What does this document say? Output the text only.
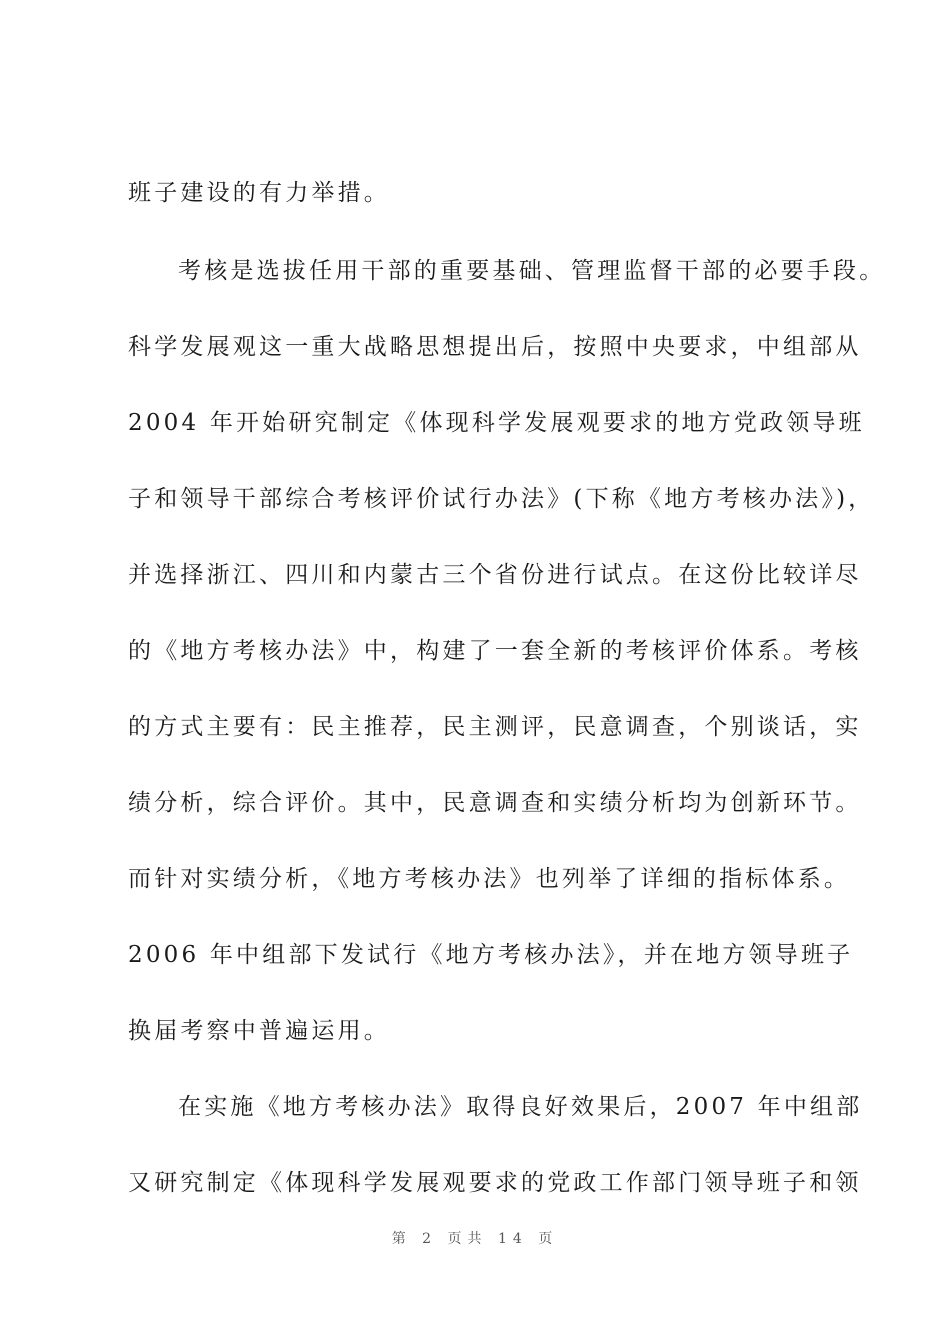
班子建设的有力举措。
考核是选拔任用干部的重要基础、管理监督干部的必要手段。
科学发展观这一重大战略思想提出后，按照中央要求，中组部从
2004 年开始研究制定《体现科学发展观要求的地方党政领导班
子和领导干部综合考核评价试行办法》(下称《地方考核办法》)，
并选择浙江、四川和内蒙古三个省份进行试点。在这份比较详尽
的《地方考核办法》中，构建了一套全新的考核评价体系。考核
的方式主要有：民主推荐，民主测评，民意调查，个别谈话，实
绩分析，综合评价。其中，民意调查和实绩分析均为创新环节。
而针对实绩分析，《地方考核办法》也列举了详细的指标体系。
2006 年中组部下发试行《地方考核办法》，并在地方领导班子
换届考察中普遍运用。
在实施《地方考核办法》取得良好效果后，2007 年中组部
又研究制定《体现科学发展观要求的党政工作部门领导班子和领
第 2 页共 14 页
